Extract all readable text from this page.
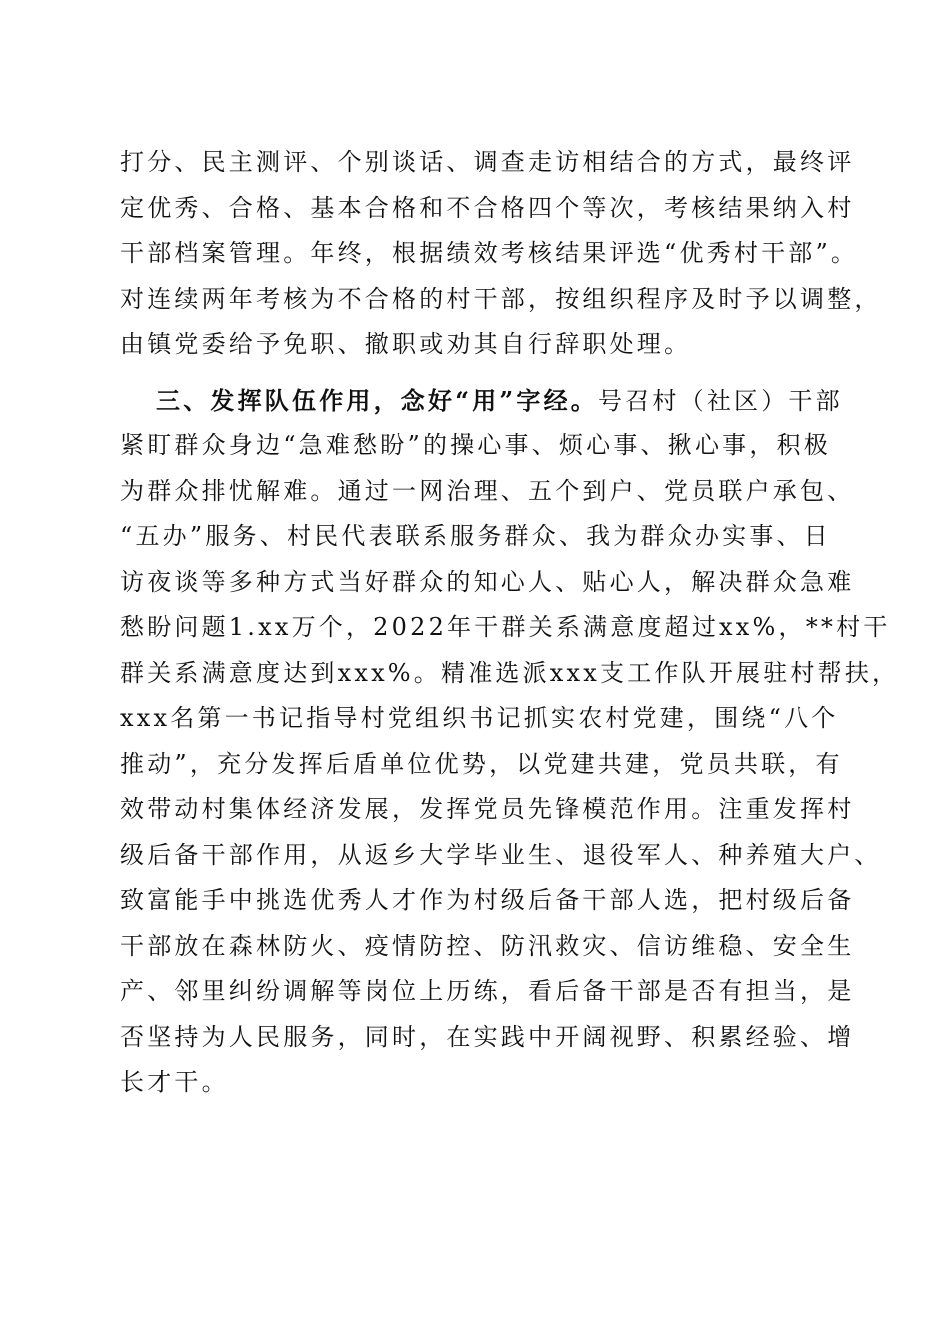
打分、民主测评、个别谈话、调查走访相结合的方式，最终评
定优秀、合格、基本合格和不合格四个等次，考核结果纳入村
干部档案管理。年终，根据绩效考核结果评选“优秀村干部”。
对连续两年考核为不合格的村干部，按组织程序及时予以调整，
由镇党委给予免职、撤职或劝其自行辞职处理。
三、发挥队伍作用，念好“用”字经。号召村（社区）干部
紧盯群众身边“急难愁盼”的操心事、烦心事、揪心事，积极
为群众排忧解难。通过一网治理、五个到户、党员联户承包、
“五办”服务、村民代表联系服务群众、我为群众办实事、日
访夜谈等多种方式当好群众的知心人、贴心人，解决群众急难
愁盼问题1.xx万个，2022年干群关系满意度超过xx%，**村干
群关系满意度达到xxx%。精准选派xxx支工作队开展驻村帮扶，
xxx名第一书记指导村党组织书记抓实农村党建，围绕“八个
推动”，充分发挥后盾单位优势，以党建共建，党员共联，有
效带动村集体经济发展，发挥党员先锋模范作用。注重发挥村
级后备干部作用，从返乡大学毕业生、退役军人、种养殖大户、
致富能手中挑选优秀人才作为村级后备干部人选，把村级后备
干部放在森林防火、疫情防控、防汛救灾、信访维稳、安全生
产、邻里纠纷调解等岗位上历练，看后备干部是否有担当，是
否坚持为人民服务，同时，在实践中开阔视野、积累经验、增
长才干。
